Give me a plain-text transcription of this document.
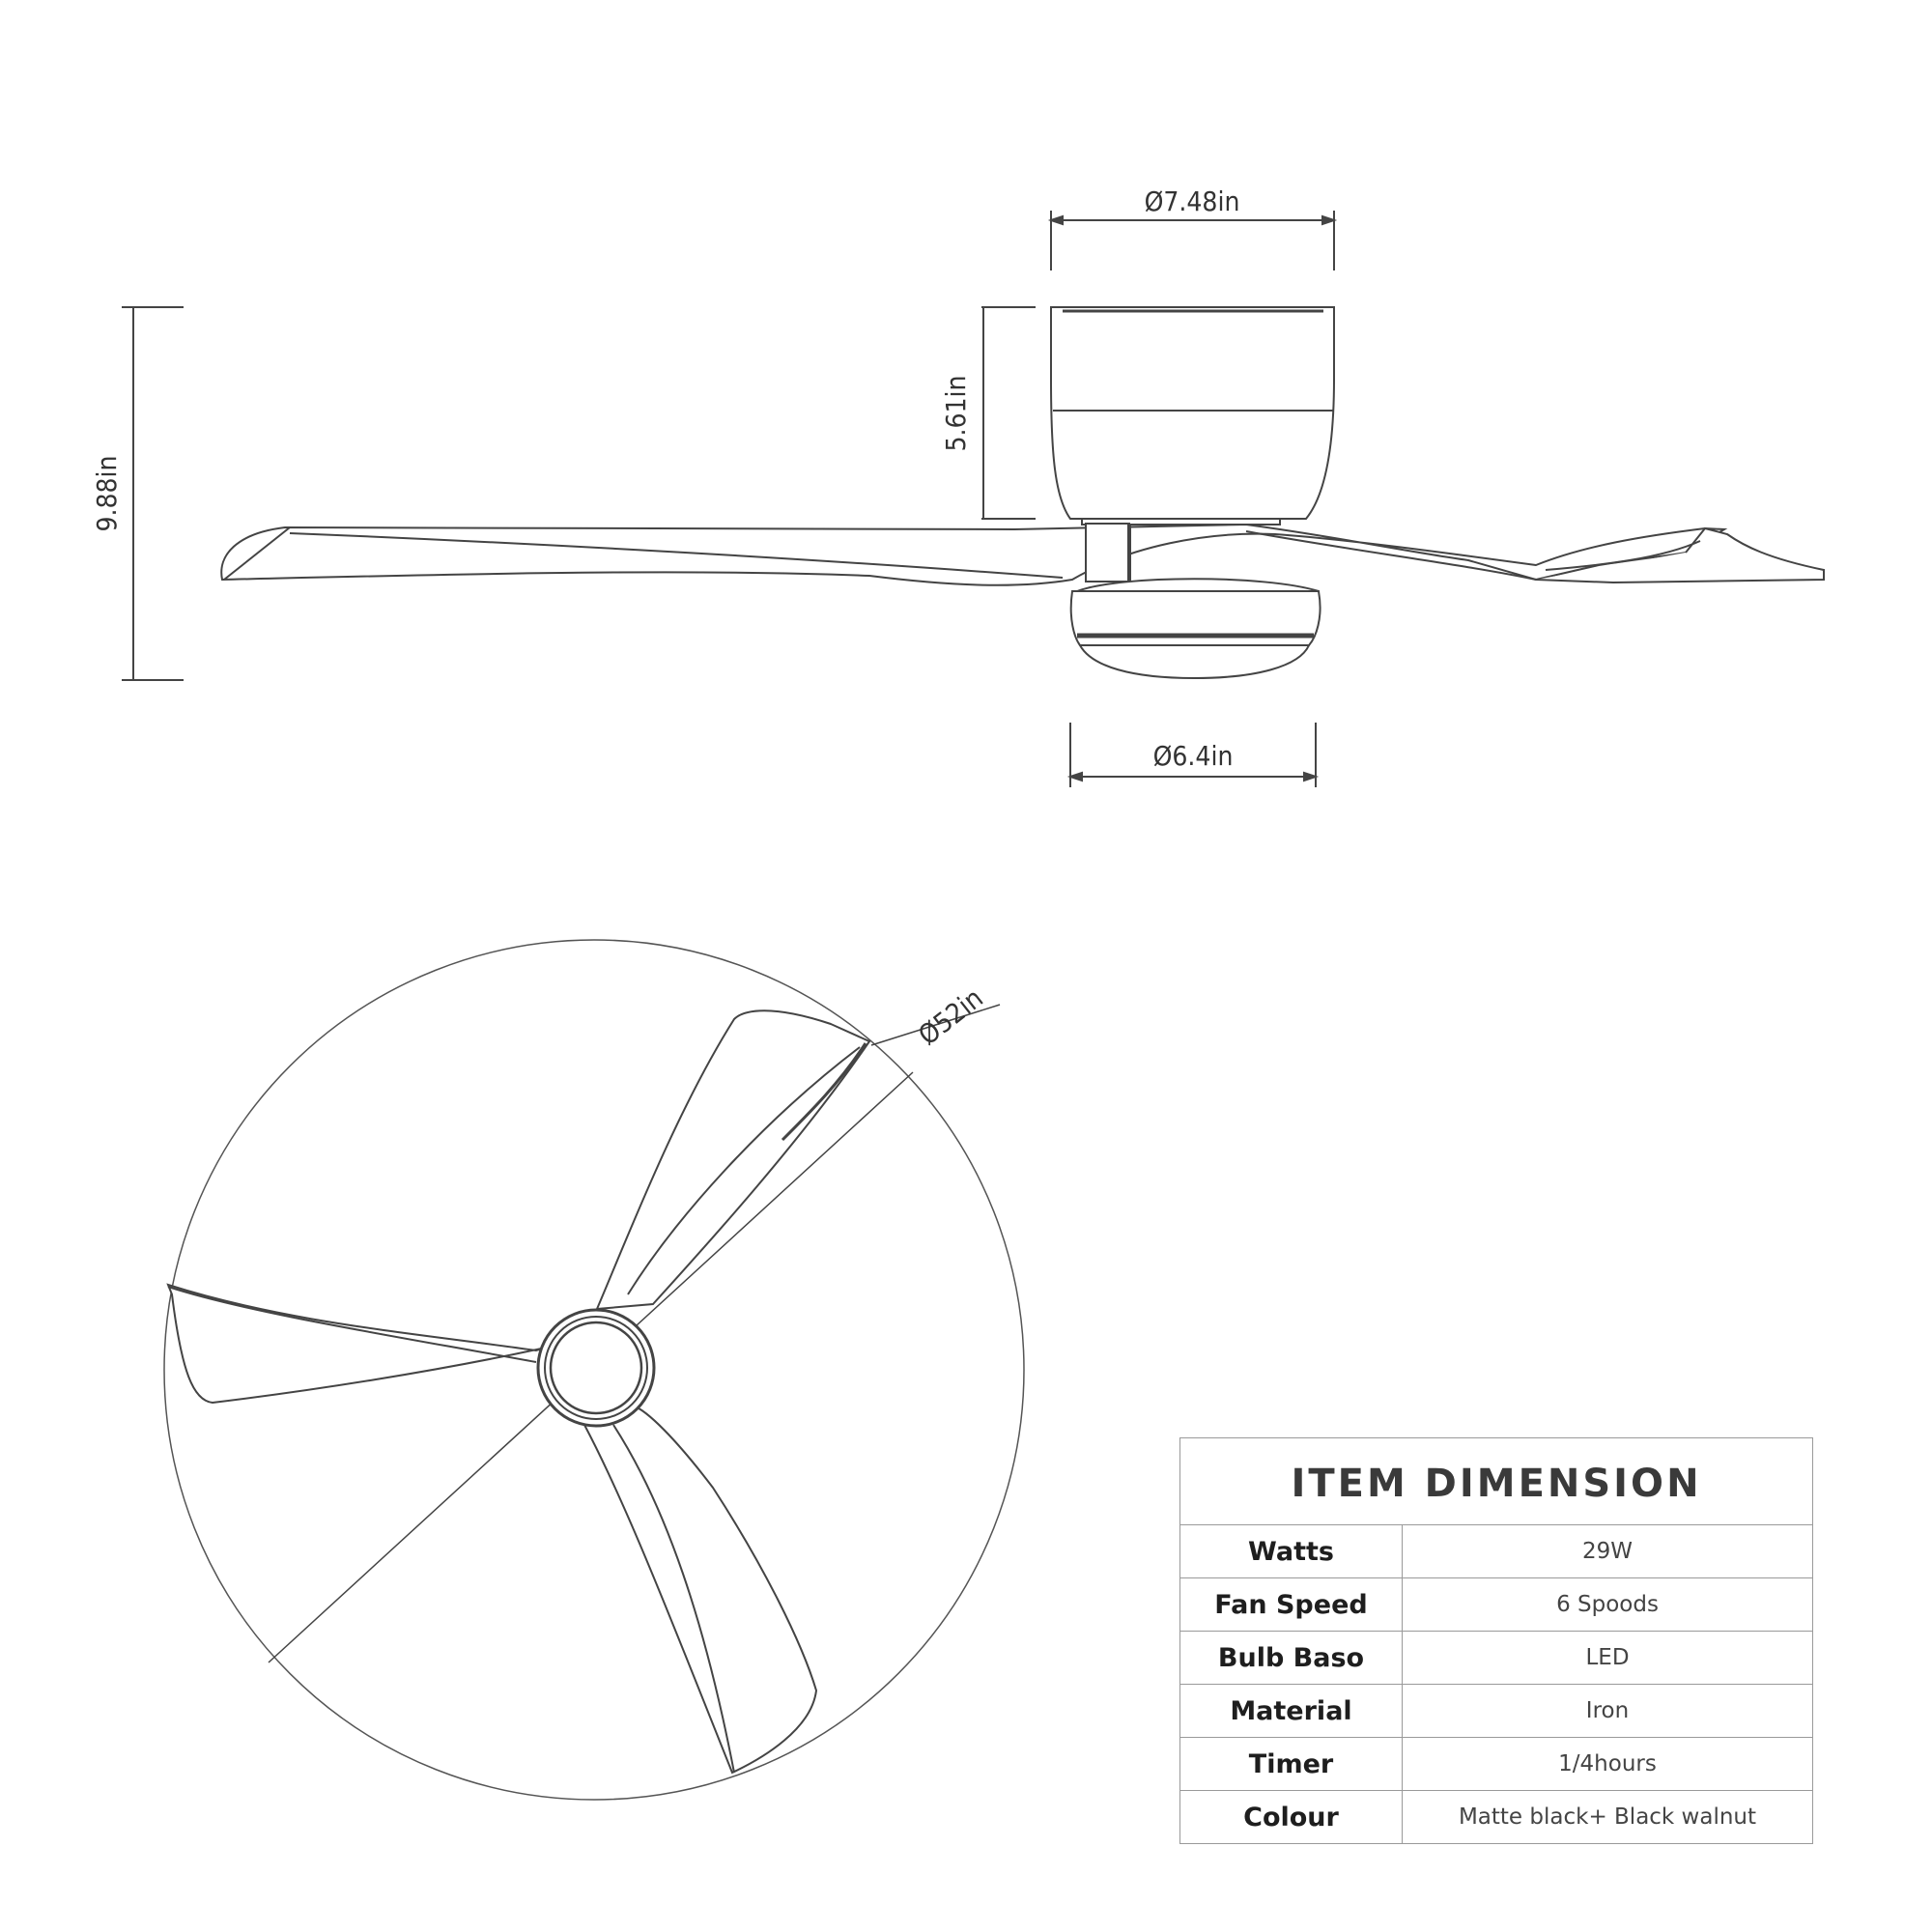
Ø7.48in
5.61in
9.88in
Ø6.4in
Ø52in
ITEM DIMENSION	
Watts	29W
Fan Speed	6 Spoods
Bulb Baso	LED
Material	Iron
Timer	1/4hours
Colour	Matte black+ Black walnut
